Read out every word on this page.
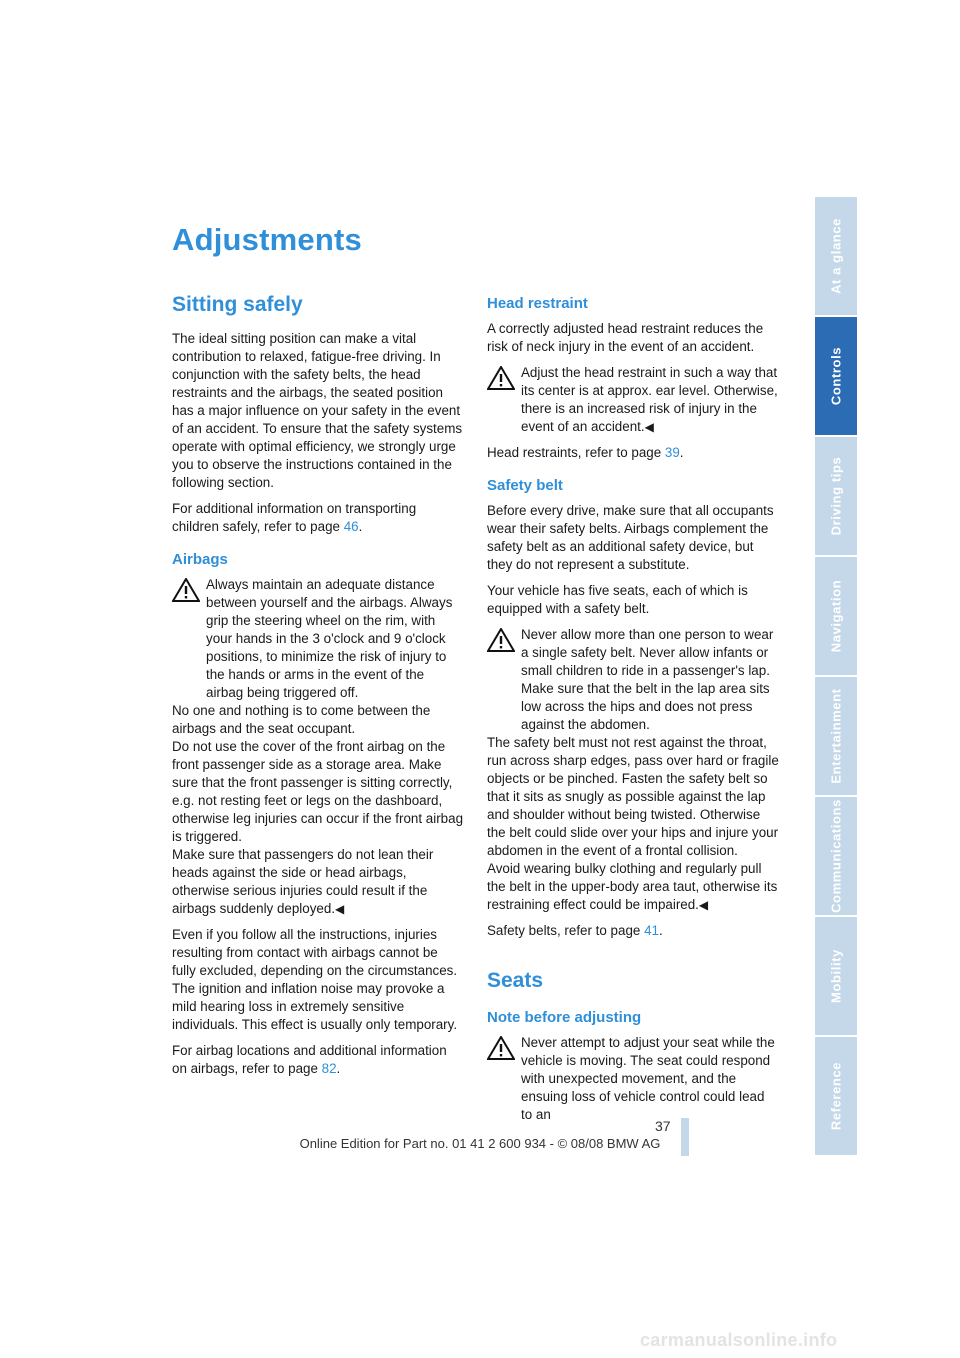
Adjustments
Sitting safely

The ideal sitting position can make a vital contribution to relaxed, fatigue-free driving. In conjunction with the safety belts, the head restraints and the airbags, the seated position has a major influence on your safety in the event of an accident. To ensure that the safety systems operate with optimal efficiency, we strongly urge you to observe the instructions contained in the following section.

For additional information on transporting children safely, refer to page 46.

Airbags

Always maintain an adequate distance between yourself and the airbags. Always grip the steering wheel on the rim, with your hands in the 3 o'clock and 9 o'clock positions, to minimize the risk of injury to the hands or arms in the event of the airbag being triggered off.

No one and nothing is to come between the airbags and the seat occupant.

Do not use the cover of the front airbag on the front passenger side as a storage area. Make sure that the front passenger is sitting correctly, e.g. not resting feet or legs on the dashboard, otherwise leg injuries can occur if the front airbag is triggered.

Make sure that passengers do not lean their heads against the side or head airbags, otherwise serious injuries could result if the airbags suddenly deployed.◀

Even if you follow all the instructions, injuries resulting from contact with airbags cannot be fully excluded, depending on the circumstances. The ignition and inflation noise may provoke a mild hearing loss in extremely sensitive individuals. This effect is usually only temporary.

For airbag locations and additional information on airbags, refer to page 82.

Head restraint

A correctly adjusted head restraint reduces the risk of neck injury in the event of an accident.

Adjust the head restraint in such a way that its center is at approx. ear level. Otherwise, there is an increased risk of injury in the event of an accident.◀

Head restraints, refer to page 39.

Safety belt

Before every drive, make sure that all occupants wear their safety belts. Airbags complement the safety belt as an additional safety device, but they do not represent a substitute.

Your vehicle has five seats, each of which is equipped with a safety belt.

Never allow more than one person to wear a single safety belt. Never allow infants or small children to ride in a passenger's lap. Make sure that the belt in the lap area sits low across the hips and does not press against the abdomen.

The safety belt must not rest against the throat, run across sharp edges, pass over hard or fragile objects or be pinched. Fasten the safety belt so that it sits as snugly as possible against the lap and shoulder without being twisted. Otherwise the belt could slide over your hips and injure your abdomen in the event of a frontal collision.

Avoid wearing bulky clothing and regularly pull the belt in the upper-body area taut, otherwise its restraining effect could be impaired.◀

Safety belts, refer to page 41.

Seats
Note before adjusting

Never attempt to adjust your seat while the vehicle is moving. The seat could respond with unexpected movement, and the ensuing loss of vehicle control could lead to an

At a glance
Controls
Driving tips
Navigation
Entertainment
Communications
Mobility
Reference
37
Online Edition for Part no. 01 41 2 600 934 - © 08/08 BMW AG
carmanualsonline.info
